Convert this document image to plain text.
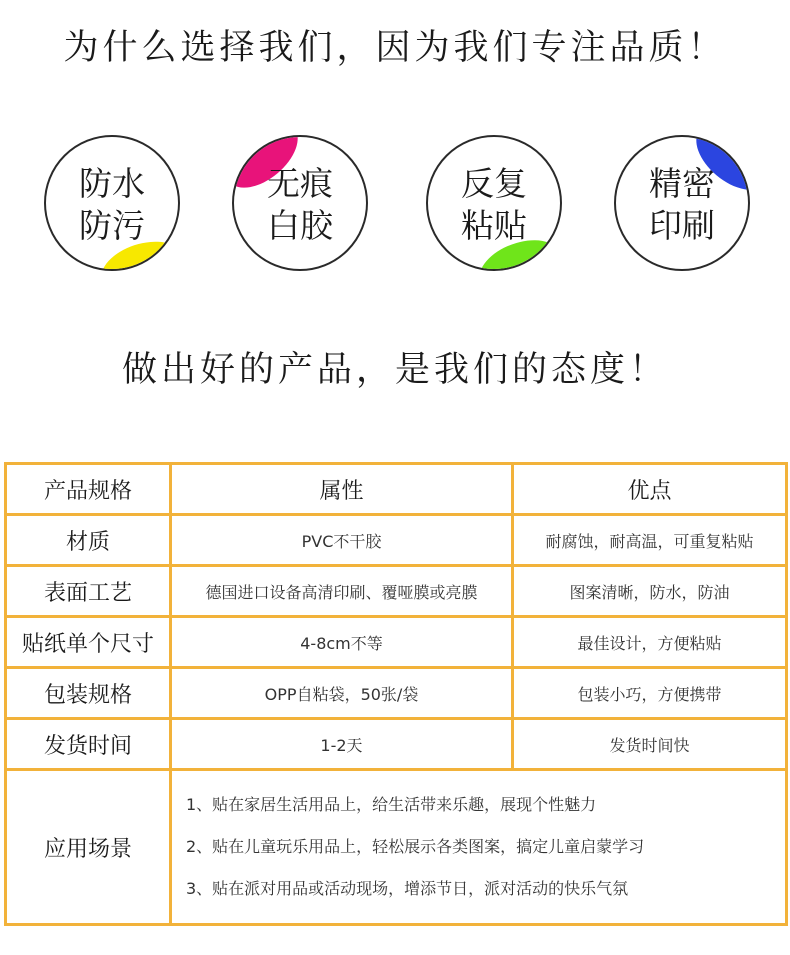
为什么选择我们，因为我们专注品质！
防水
防污
无痕
白胶
反复
粘贴
精密
印刷
做出好的产品，是我们的态度！
产品规格	属性	优点
材质	PVC不干胶	耐腐蚀，耐高温，可重复粘贴
表面工艺	德国进口设备高清印刷、覆哑膜或亮膜	图案清晰，防水，防油
贴纸单个尺寸	4-8cm不等	最佳设计，方便粘贴
包装规格	OPP自粘袋，50张/袋	包装小巧，方便携带
发货时间	1-2天	发货时间快
应用场景	1、贴在家居生活用品上，给生活带来乐趣，展现个性魅力
2、贴在儿童玩乐用品上，轻松展示各类图案，搞定儿童启蒙学习
3、贴在派对用品或活动现场，增添节日，派对活动的快乐气氛	
